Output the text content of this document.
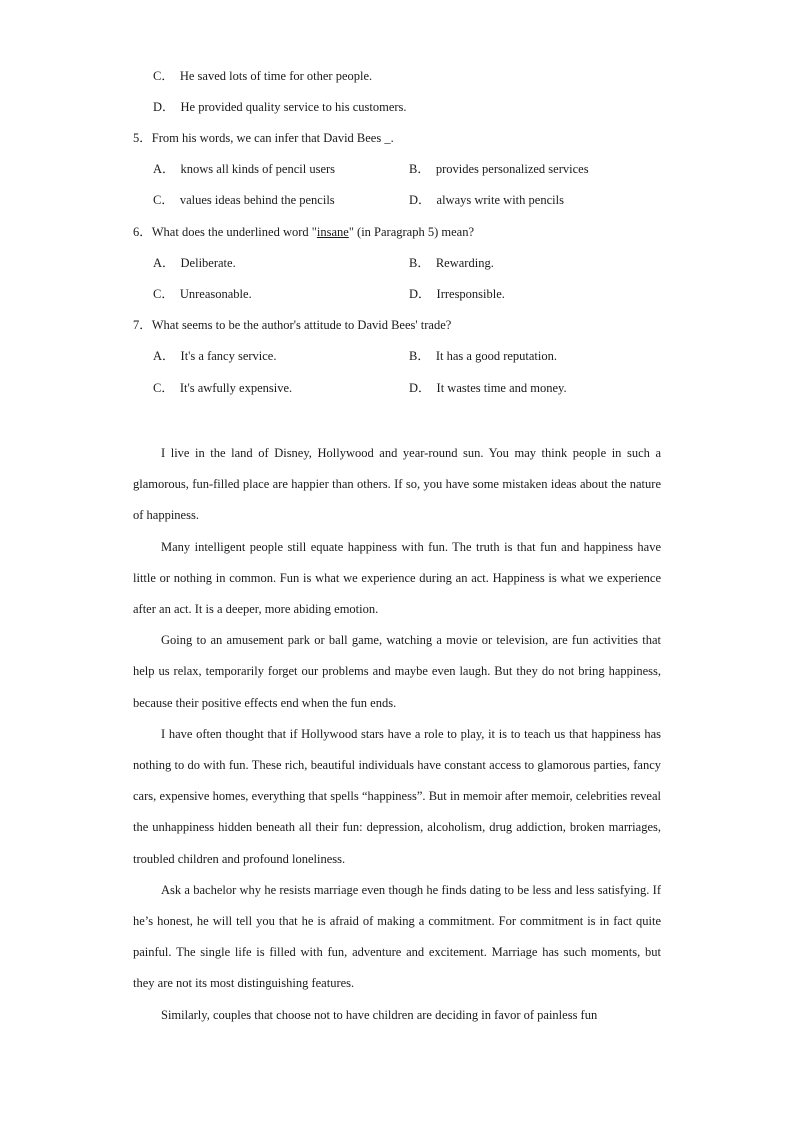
C． He saved lots of time for other people.
D． He provided quality service to his customers.
5．From his words, we can infer that David Bees _.
A． knows all kinds of pencil users	B． provides personalized services
C． values ideas behind the pencils	D． always write with pencils
6．What does the underlined word "insane" (in Paragraph 5) mean?
A． Deliberate.	B． Rewarding.
C． Unreasonable.	D． Irresponsible.
7．What seems to be the author's attitude to David Bees' trade?
A． It's a fancy service.	B． It has a good reputation.
C． It's awfully expensive.	D． It wastes time and money.

I live in the land of Disney, Hollywood and year-round sun. You may think people in such a glamorous, fun-filled place are happier than others. If so, you have some mistaken ideas about the nature of happiness.

Many intelligent people still equate happiness with fun. The truth is that fun and happiness have little or nothing in common. Fun is what we experience during an act. Happiness is what we experience after an act. It is a deeper, more abiding emotion.

Going to an amusement park or ball game, watching a movie or television, are fun activities that help us relax, temporarily forget our problems and maybe even laugh. But they do not bring happiness, because their positive effects end when the fun ends.

I have often thought that if Hollywood stars have a role to play, it is to teach us that happiness has nothing to do with fun. These rich, beautiful individuals have constant access to glamorous parties, fancy cars, expensive homes, everything that spells “happiness”. But in memoir after memoir, celebrities reveal the unhappiness hidden beneath all their fun: depression, alcoholism, drug addiction, broken marriages, troubled children and profound loneliness.

Ask a bachelor why he resists marriage even though he finds dating to be less and less satisfying. If he’s honest, he will tell you that he is afraid of making a commitment. For commitment is in fact quite painful. The single life is filled with fun, adventure and excitement. Marriage has such moments, but they are not its most distinguishing features.

Similarly, couples that choose not to have children are deciding in favor of painless fun
